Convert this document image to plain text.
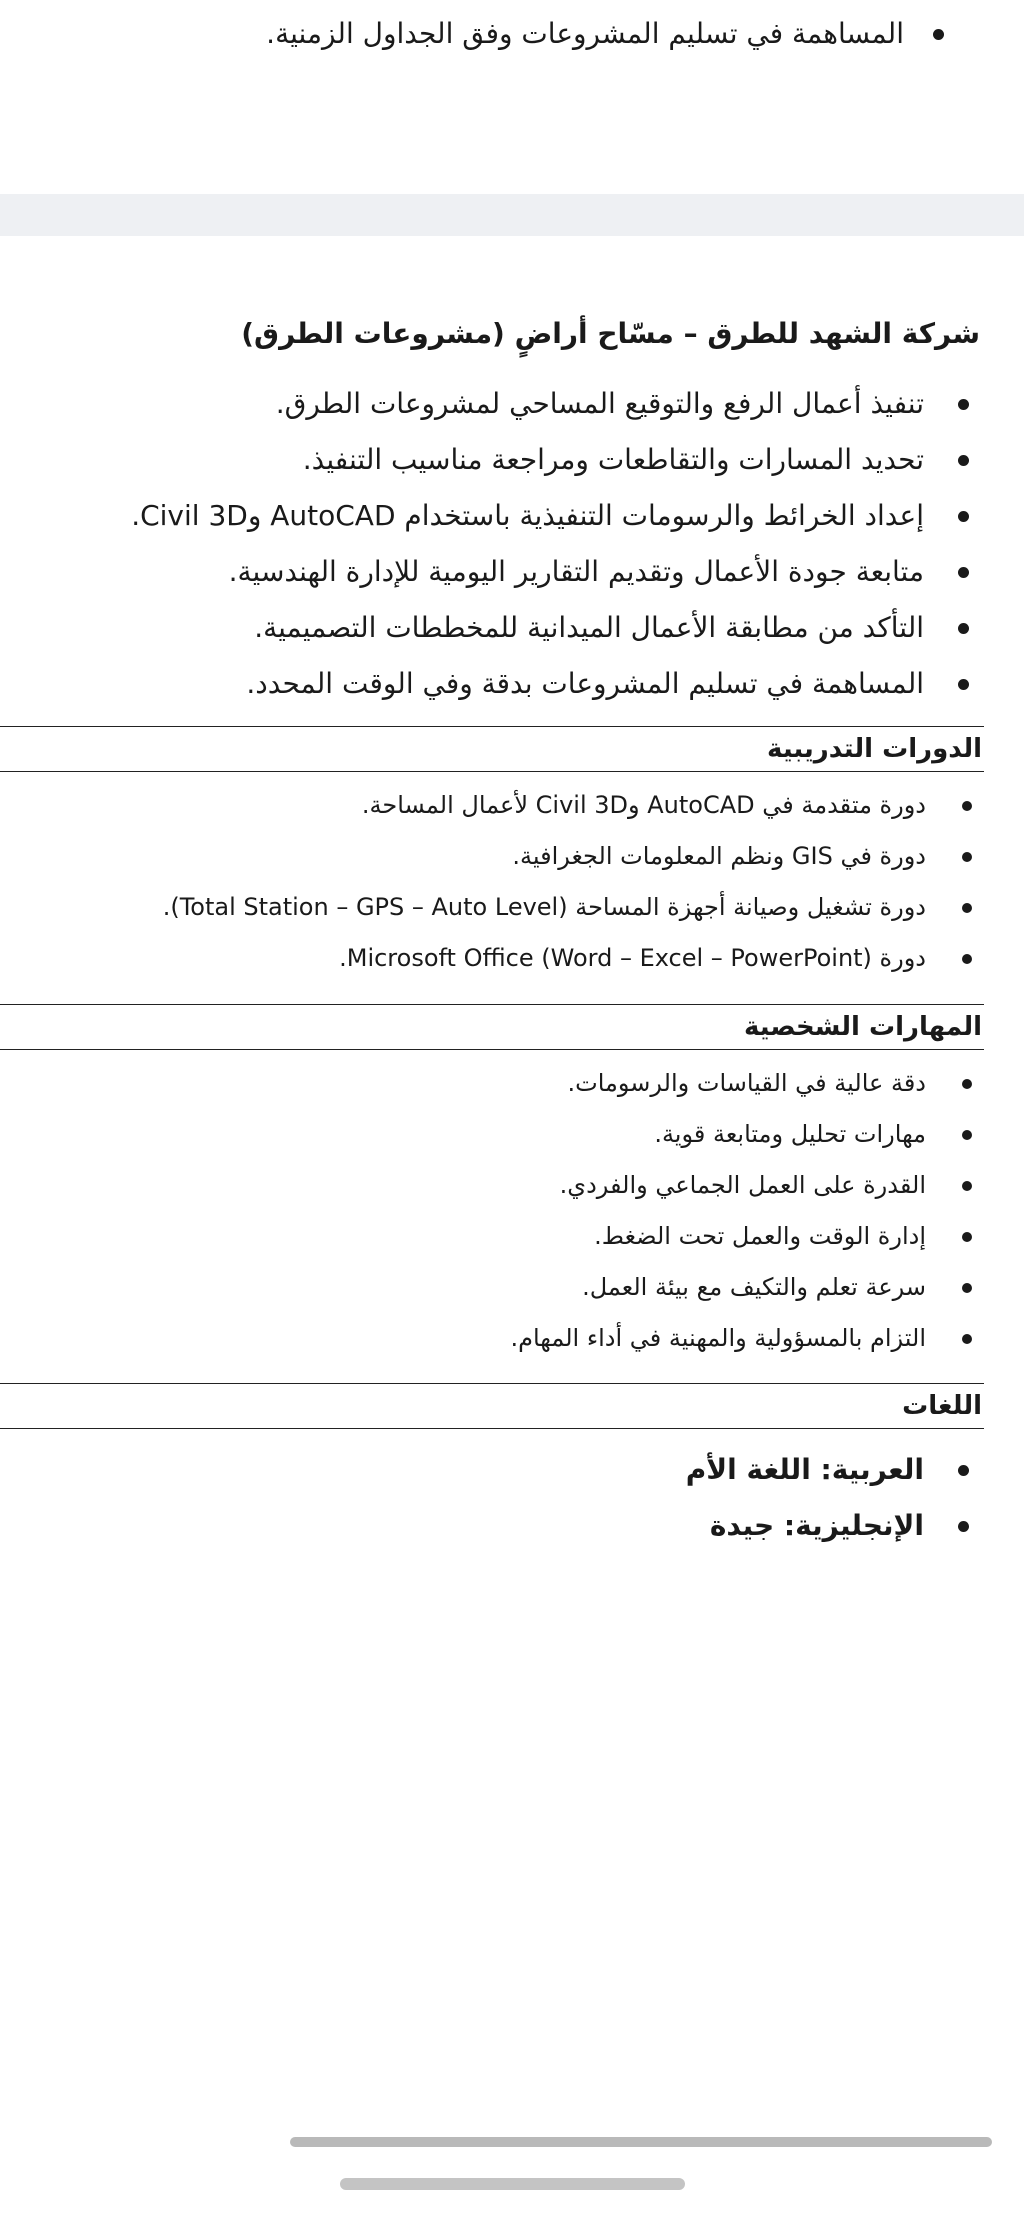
المساهمة في تسليم المشروعات وفق الجداول الزمنية.
شركة الشهد للطرق – مسّاح أراضٍ (مشروعات الطرق)
تنفيذ أعمال الرفع والتوقيع المساحي لمشروعات الطرق.
تحديد المسارات والتقاطعات ومراجعة مناسيب التنفيذ.
إعداد الخرائط والرسومات التنفيذية باستخدام AutoCAD وCivil 3D.
متابعة جودة الأعمال وتقديم التقارير اليومية للإدارة الهندسية.
التأكد من مطابقة الأعمال الميدانية للمخططات التصميمية.
المساهمة في تسليم المشروعات بدقة وفي الوقت المحدد.
الدورات التدريبية
دورة متقدمة في AutoCAD وCivil 3D لأعمال المساحة.
دورة في GIS ونظم المعلومات الجغرافية.
دورة تشغيل وصيانة أجهزة المساحة (Total Station – GPS – Auto Level).
دورة Microsoft Office (Word – Excel – PowerPoint).
المهارات الشخصية
دقة عالية في القياسات والرسومات.
مهارات تحليل ومتابعة قوية.
القدرة على العمل الجماعي والفردي.
إدارة الوقت والعمل تحت الضغط.
سرعة تعلم والتكيف مع بيئة العمل.
التزام بالمسؤولية والمهنية في أداء المهام.
اللغات
العربية: اللغة الأم
الإنجليزية: جيدة
